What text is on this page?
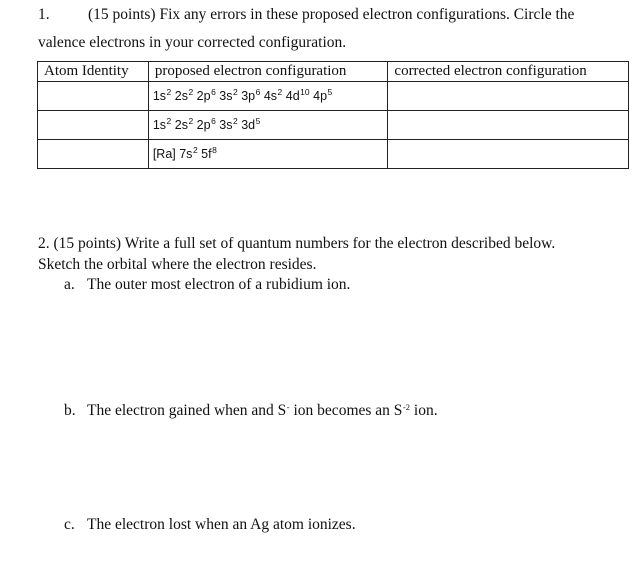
1. (15 points) Fix any errors in these proposed electron configurations. Circle the
valence electrons in your corrected configuration.
Atom Identity	proposed electron configuration	corrected electron configuration
	$1s^2$ $2s^2$ $2p^6$ $3s^2$ $3p^6$ $4s^2$ $4d^{10}$ $4p^5$	
	$1s^2$ $2s^2$ $2p^6$ $3s^2$ $3d^5$	
	[Ra] $7s^2$ $5f^8$	
2. (15 points) Write a full set of quantum numbers for the electron described below.
Sketch the orbital where the electron resides.
a. The outer most electron of a rubidium ion.
b. The electron gained when and S- ion becomes an $S^{-2}$ ion.
c. The electron lost when an Ag atom ionizes.
